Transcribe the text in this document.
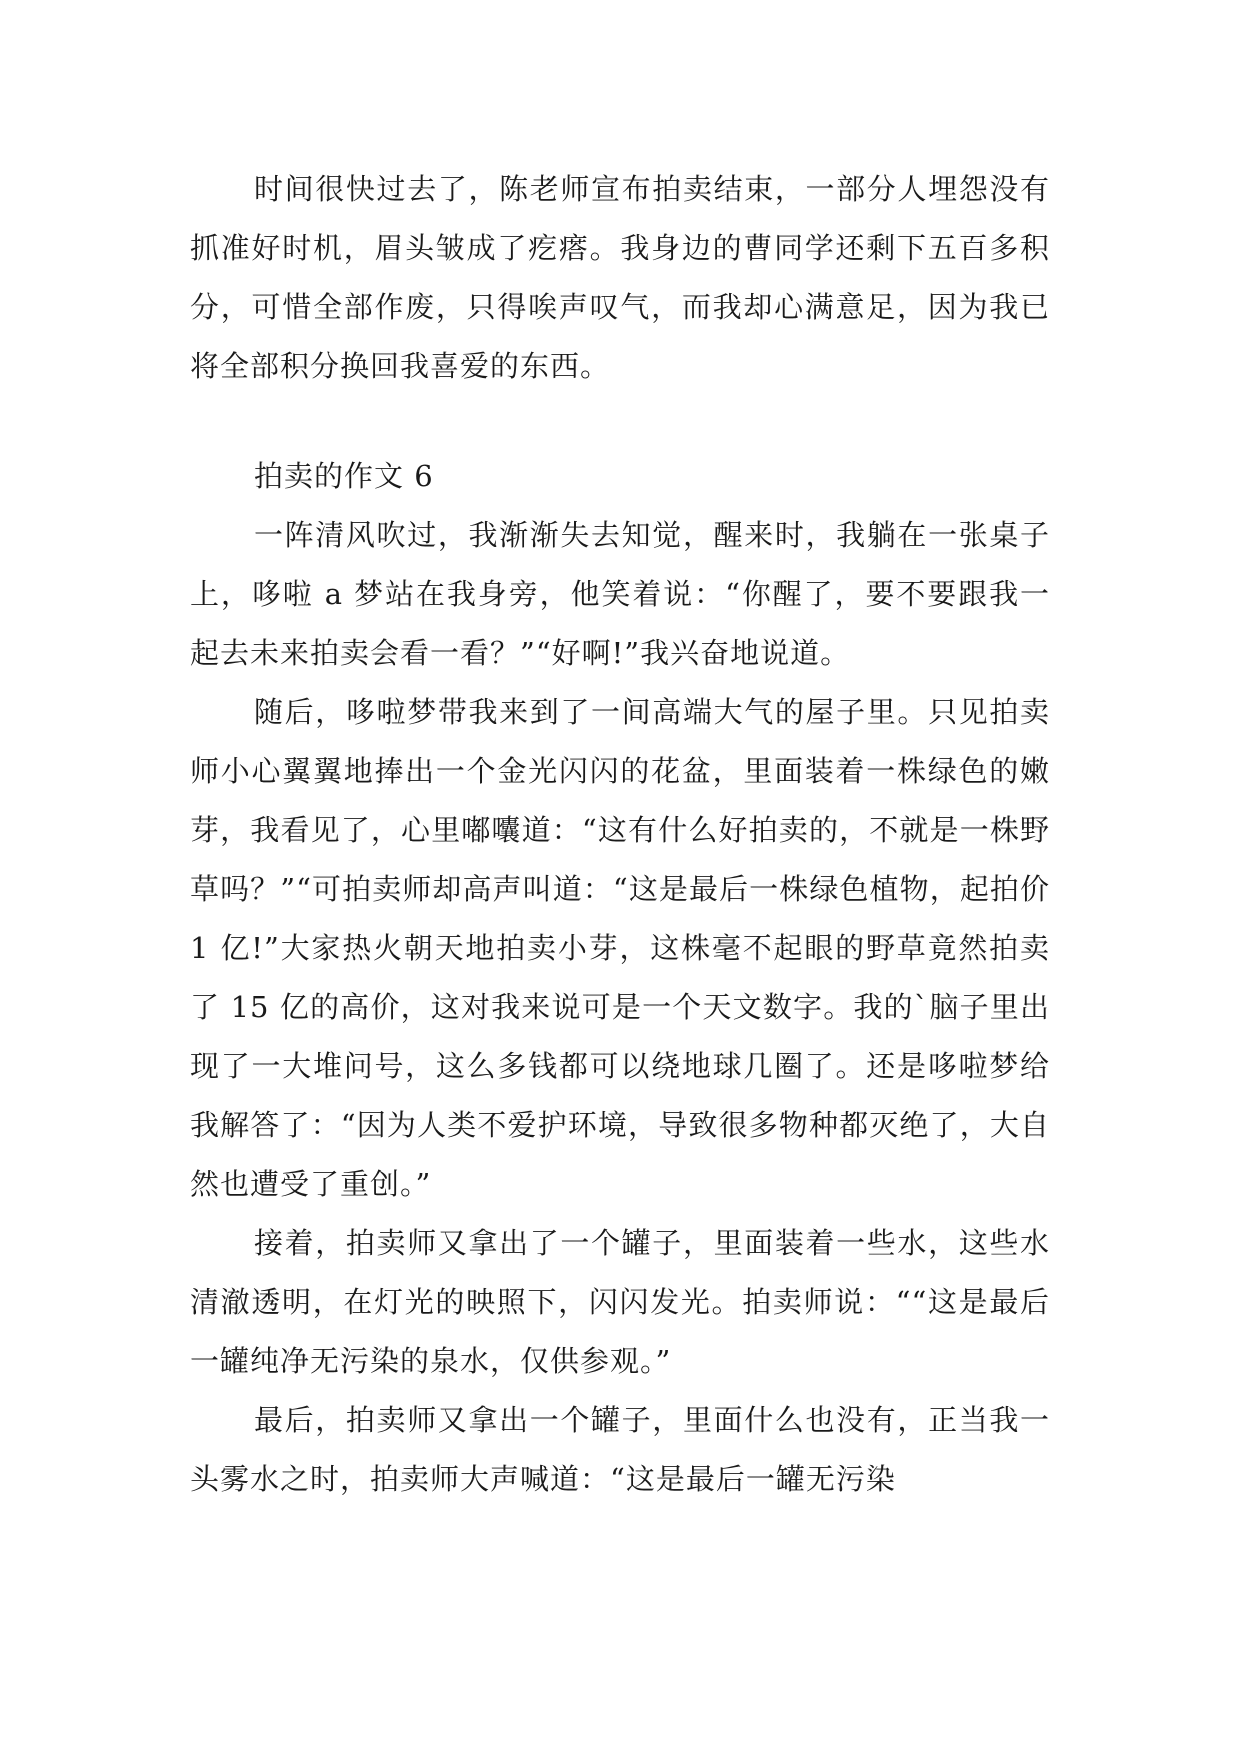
时间很快过去了，陈老师宣布拍卖结束，一部分人埋怨没有抓准好时机，眉头皱成了疙瘩。我身边的曹同学还剩下五百多积分，可惜全部作废，只得唉声叹气，而我却心满意足，因为我已将全部积分换回我喜爱的东西。

拍卖的作文 6

一阵清风吹过，我渐渐失去知觉，醒来时，我躺在一张桌子上，哆啦 a 梦站在我身旁，他笑着说：“你醒了，要不要跟我一起去未来拍卖会看一看？”“好啊!”我兴奋地说道。

随后，哆啦梦带我来到了一间高端大气的屋子里。只见拍卖师小心翼翼地捧出一个金光闪闪的花盆，里面装着一株绿色的嫩芽，我看见了，心里嘟囔道：“这有什么好拍卖的，不就是一株野草吗？”“可拍卖师却高声叫道：“这是最后一株绿色植物，起拍价 1 亿!”大家热火朝天地拍卖小芽，这株毫不起眼的野草竟然拍卖了 15 亿的高价，这对我来说可是一个天文数字。我的`脑子里出现了一大堆问号，这么多钱都可以绕地球几圈了。还是哆啦梦给我解答了：“因为人类不爱护环境，导致很多物种都灭绝了，大自然也遭受了重创。”

接着，拍卖师又拿出了一个罐子，里面装着一些水，这些水清澈透明，在灯光的映照下，闪闪发光。拍卖师说：““这是最后一罐纯净无污染的泉水，仅供参观。”

最后，拍卖师又拿出一个罐子，里面什么也没有，正当我一头雾水之时，拍卖师大声喊道：“这是最后一罐无污染
